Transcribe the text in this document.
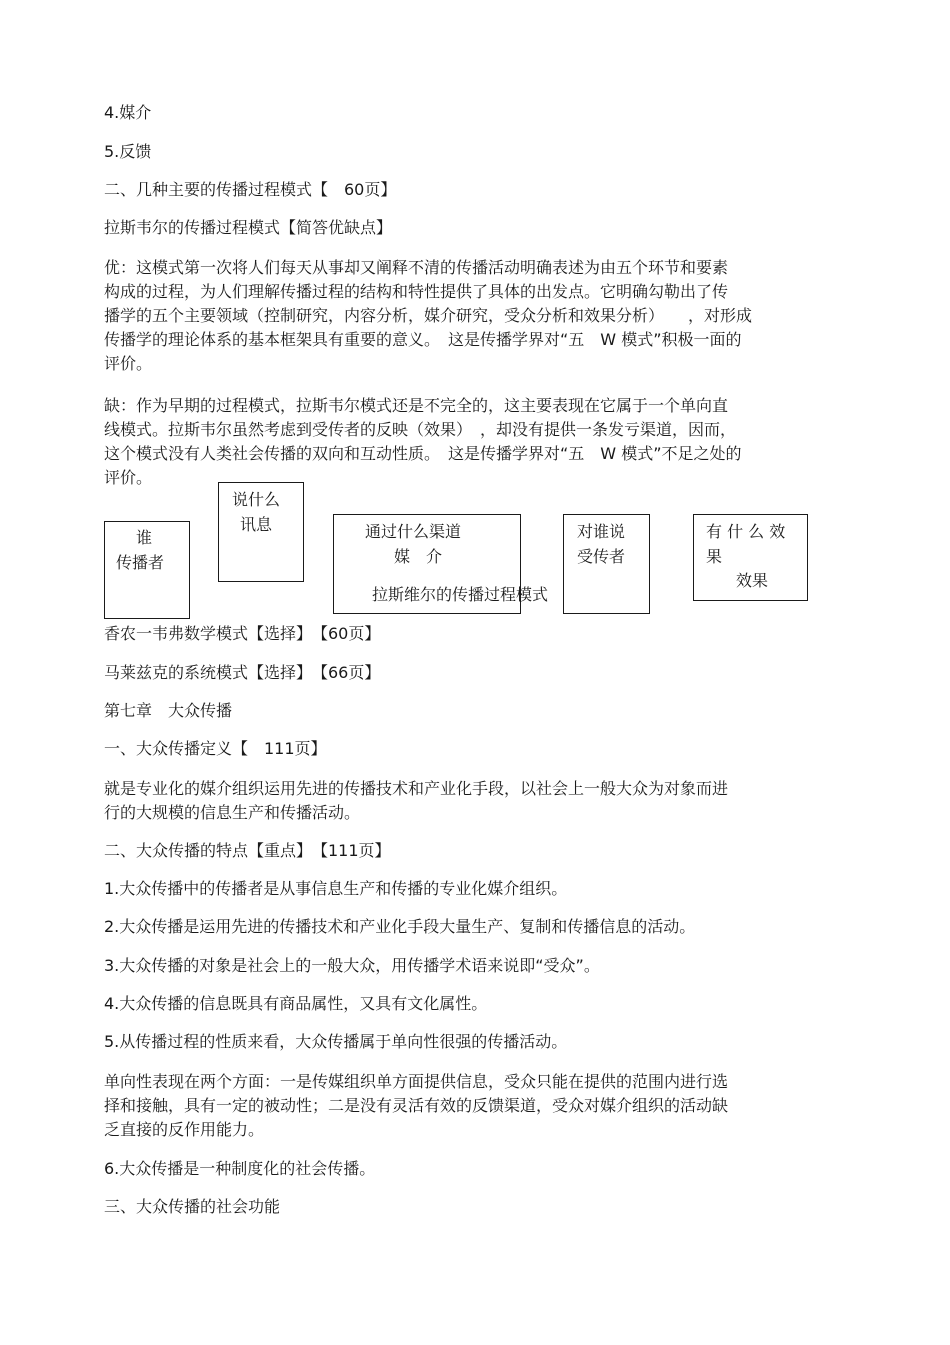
4.媒介
5.反馈
二、几种主要的传播过程模式【　60页】
拉斯韦尔的传播过程模式【简答优缺点】
优：这模式第一次将人们每天从事却又阐释不清的传播活动明确表述为由五个环节和要素
构成的过程，为人们理解传播过程的结构和特性提供了具体的出发点。它明确勾勒出了传
播学的五个主要领域（控制研究，内容分析，媒介研究，受众分析和效果分析）　　，对形成
传播学的理论体系的基本框架具有重要的意义。　这是传播学界对“五　W 模式”积极一面的
评价。
缺：作为早期的过程模式，拉斯韦尔模式还是不完全的，这主要表现在它属于一个单向直
线模式。拉斯韦尔虽然考虑到受传者的反映（效果）　，却没有提供一条发亏渠道，因而，
这个模式没有人类社会传播的双向和互动性质。　这是传播学界对“五　W 模式”不足之处的
评价。
谁
传播者
说什么
讯息	通过什么渠道
媒　介
对谁说
受传者
有 什 么 效
果
效果
拉斯维尔的传播过程模式
香农一韦弗数学模式【选择】　【60页】
马莱兹克的系统模式【选择】　【66页】
第七章　大众传播
一、大众传播定义【　111页】
就是专业化的媒介组织运用先进的传播技术和产业化手段，以社会上一般大众为对象而进
行的大规模的信息生产和传播活动。
二、大众传播的特点【重点】　【111页】
1.大众传播中的传播者是从事信息生产和传播的专业化媒介组织。
2.大众传播是运用先进的传播技术和产业化手段大量生产、复制和传播信息的活动。
3.大众传播的对象是社会上的一般大众，用传播学术语来说即“受众”。
4.大众传播的信息既具有商品属性，又具有文化属性。
5.从传播过程的性质来看，大众传播属于单向性很强的传播活动。
单向性表现在两个方面：一是传媒组织单方面提供信息，受众只能在提供的范围内进行选
择和接触，具有一定的被动性；二是没有灵活有效的反馈渠道，受众对媒介组织的活动缺
乏直接的反作用能力。
6.大众传播是一种制度化的社会传播。
三、大众传播的社会功能
